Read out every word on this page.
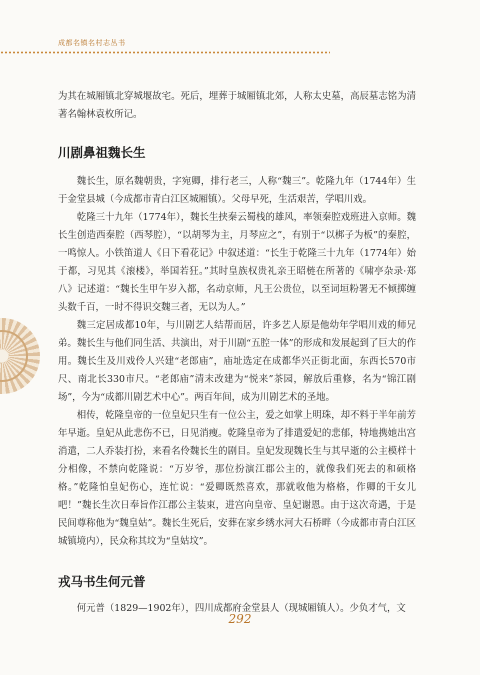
成都名镇名村志丛书

为其在城厢镇北穿城堰故宅。死后，埋葬于城厢镇北郊，人称太史墓，高辰墓志铭为清著名翰林袁枚所记。

川剧鼻祖魏长生

魏长生，原名魏朝贵，字宛卿，排行老三，人称“魏三”。乾隆九年（1744年）生于金堂县城（今成都市青白江区城厢镇）。父母早死，生活艰苦，学唱川戏。

乾隆三十九年（1774年），魏长生挟秦云蜀栈的雄风，率领秦腔戏班进入京师。魏长生创造西秦腔（西琴腔），“以胡琴为主，月琴应之”，有别于“以梆子为板”的秦腔，一鸣惊人。小铁笛道人《日下看花记》中叙述道：“长生于乾隆三十九年（1774年）始于都，习见其《滚楼》，举国若狂。”其时皇族权贵礼亲王昭梿在所著的《啸亭杂录·郑八》记述道：“魏长生甲午岁入都，名动京师，凡王公贵位，以至词垣粉署无不倾掷缠头数千百，一时不得识交魏三者，无以为人。”

魏三定居成都10年，与川剧艺人结帮而居，许多艺人原是他幼年学唱川戏的师兄弟。魏长生与他们同生活、共演出，对于川剧“五腔一体”的形成和发展起到了巨大的作用。魏长生及川戏伶人兴建“老郎庙”，庙址选定在成都华兴正街北面，东西长570市尺、南北长330市尺。“老郎庙”清末改建为“悦来”茶园，解放后重修，名为“锦江剧场”，今为“成都川剧艺术中心”。两百年间，成为川剧艺术的圣地。

相传，乾隆皇帝的一位皇妃只生有一位公主，爱之如掌上明珠，却不料于半年前芳年早逝。皇妃从此悲伤不已，日见消瘦。乾隆皇帝为了排遣爱妃的悲郁，特地携她出宫消遣，二人乔装打扮，来看名伶魏长生的剧目。皇妃发现魏长生与其早逝的公主模样十分相像，不禁向乾隆说：“万岁爷，那位扮演江郡公主的，就像我们死去的和硕格格。”乾隆怕皇妃伤心，连忙说：“爱卿既然喜欢，那就收他为格格，作卿的干女儿吧！”魏长生次日奉旨作江郡公主装束，进宫向皇帝、皇妃谢恩。由于这次奇遇，于是民间尊称他为“魏皇姑”。魏长生死后，安葬在家乡绣水河大石桥畔（今成都市青白江区城镇境内），民众称其坟为“皇姑坟”。

戎马书生何元普

何元普（1829—1902年），四川成都府金堂县人（现城厢镇人）。少负才气，文

292
